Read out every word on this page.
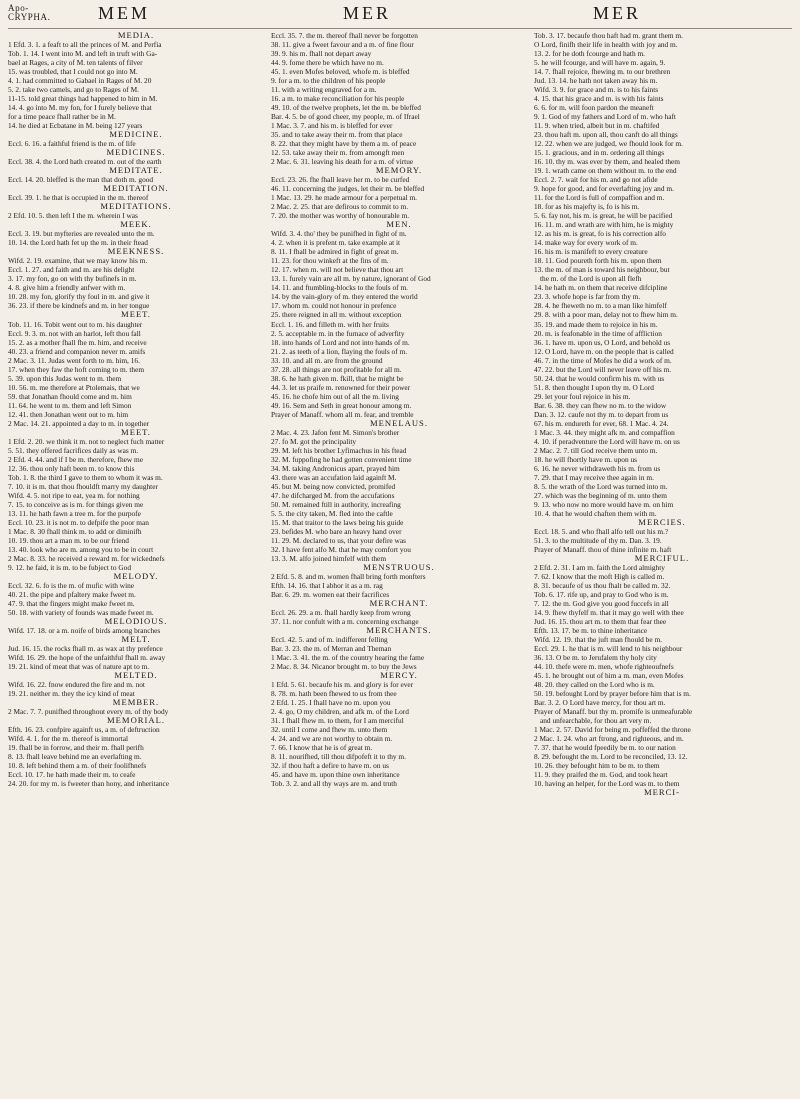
Apo-
CRYPHA.	MEM	MER	MER
MEDIA.
1 Efd. 3. 1. a feaft to all the princes of M. and Perfia
Tob. 1. 14. I went into M. and left in truft with Ga-
bael at Rages, a city of M. ten talents of filver
15. was troubled, that I could not go into M.
4. 1. had committed to Gabael in Rages of M. 20
5. 2. take two camels, and go to Rages of M.
11-15. told great things had happened to him in M.
14. 4. go into M. my fon, for I furely believe that
for a time peace fhall rather be in M.
14. he died at Ecbatane in M. being 127 years
MEDICINE.
Eccl. 6. 16. a faithful friend is the m. of life
MEDICINES.
Eccl. 38. 4. the Lord hath created m. out of the earth
MEDITATE.
Eccl. 14. 20. bleffed is the man that doth m. good
MEDITATION.
Eccl. 39. 1. he that is occupied in the m. thereof
MEDITATIONS.
2 Efd. 10. 5. then left I the m. wherein I was
MEEK.
Eccl. 3. 19. but myfteries are revealed unto the m.
10. 14. the Lord hath fet up the m. in their ftead
MEEKNESS.
Wifd. 2. 19. examine, that we may know his m.
Eccl. 1. 27. and faith and m. are his delight
3. 17. my fon, go on with thy bufinefs in m.
4. 8. give him a friendly anfwer with m.
10. 28. my fon, glorify thy foul in m. and give it
36. 23. if there be kindnefs and m. in her tongue
MEET.
Tob. 11. 16. Tobit went out to m. his daughter
Eccl. 9. 3. m. not with an harlot, left thou fall
15. 2. as a mother fhall fhe m. him, and receive
40. 23. a friend and companion never m. amifs
2 Mac. 3. 11. Judas went forth to m. him, 16.
17. when they faw the hoft coming to m. them
5. 39. upon this Judas went to m. them
10. 56. m. me therefore at Ptolemais, that we
59. that Jonathan fhould come and m. him
11. 64. he went to m. them and left Simon
12. 41. then Jonathan went out to m. him
2 Mac. 14. 21. appointed a day to m. in together
MEET.
1 Efd. 2. 20. we think it m. not to neglect fuch matter
5. 51. they offered facrifices daily as was m.
2 Efd. 4. 44. and if I be m. therefore, fhew me
12. 36. thou only haft been m. to know this
Tob. 1. 8. the third I gave to them to whom it was m.
7. 10. it is m. that thou fhouldft marry my daughter
Wifd. 4. 5. not ripe to eat, yea m. for nothing
7. 15. to conceive as is m. for things given me
13. 11. he hath fawn a tree m. for the purpofe
Eccl. 10. 23. it is not m. to defpife the poor man
1 Mac. 8. 30 fhall think m. to add or diminifh
10. 19. thou art a man m. to be our friend
13. 40. look who are m. among you to be in court
2 Mac. 8. 33. he received a reward m. for wickednefs
9. 12. he faid, it is m. to be fubject to God
MELODY.
Eccl. 32. 6. fo is the m. of mufic with wine
40. 21. the pipe and pfaltery make fweet m.
47. 9. that the fingers might make fweet m.
50. 18. with variety of founds was made fweet m.
MELODIOUS.
Wifd. 17. 18. or a m. noife of birds among branches
MELT.
Jud. 16. 15. the rocks fhall m. as wax at thy prefence
Wifd. 16. 29. the hope of the unfaithful fhall m. away
19. 21. kind of meat that was of nature apt to m.
MELTED.
Wifd. 16. 22. fnow endured the fire and m. not
19. 21. neither m. they the icy kind of meat
MEMBER.
2 Mac. 7. 7. punifhed throughout every m. of thy body
MEMORIAL.
Efth. 16. 23. confpire againft us, a m. of deftruction
Wifd. 4. 1. for the m. thereof is immortal
19. fhall be in forrow, and their m. fhall perifh
8. 13. fhall leave behind me an everlafting m.
10. 8. left behind them a m. of their foolifhnefs
Eccl. 10. 17. he hath made their m. to ceafe
24. 20. for my m. is fweeter than hony, and inheritance
Eccl. 35. 7. the m. thereof fhall never be forgotten
38. 11. give a fweet favour and a m. of fine flour
39. 9. his m. fhall not depart away
44. 9. fome there be which have no m.
45. 1. even Mofes beloved, whofe m. is bleffed
9. for a m. to the children of his people
11. with a writing engraved for a m.
16. a m. to make reconciliation for his people
49. 10. of the twelve prophets, let the m. be bleffed
Bar. 4. 5. be of good cheer, my people, m. of Ifrael
1 Mac. 3. 7. and his m. is bleffed for ever
35. and to take away their m. from that place
8. 22. that they might have by them a m. of peace
12. 53. take away their m. from amongft men
2 Mac. 6. 31. leaving his death for a m. of virtue
MEMORY.
Eccl. 23. 26. fhe fhall leave her m. to be curfed
46. 11. concerning the judges, let their m. be bleffed
1 Mac. 13. 29. he made armour for a perpetual m.
2 Mac. 2. 25. that are defirous to commit to m.
7. 20. the mother was worthy of honourable m.
MEN.
Wifd. 3. 4. tho' they be punifhed in fight of m.
4. 2. when it is prefent m. take example at it
8. 11. I fhall be admired in fight of great m.
11. 23. for thou winkeft at the fins of m.
12. 17. when m. will not believe that thou art
13. 1. furely vain are all m. by nature, ignorant of God
14. 11. and ftumbling-blocks to the fouls of m.
14. by the vain-glory of m. they entered the world
17. whom m. could not honour in prefence
25. there reigned in all m. without exception
Eccl. 1. 16. and filleth m. with her fruits
2. 5. acceptable m. in the furnace of adverfity
18. into hands of Lord and not into hands of m.
21. 2. as teeth of a lion, flaying the fouls of m.
33. 10. and all m. are from the ground
37. 28. all things are not profitable for all m.
38. 6. he hath given m. fkill, that he might be
44. 3. let us praife m. renowned for their power
45. 16. he chofe him out of all the m. living
49. 16. Sem and Seth in great honour among m.
Prayer of Manaff. whom all m. fear, and tremble
MENELAUS.
2 Mac. 4. 23. Jafon fent M. Simon's brother
27. fo M. got the principality
29. M. left his brother Lyfimachus in his ftead
32. M. fuppofing he had gotten convenient time
34. M. taking Andronicus apart, prayed him
43. there was an accufation laid againft M.
45. but M. being now convicted, promifed
47. he difcharged M. from the accufations
50. M. remained ftill in authority, increafing
5. 5. the city taken, M. fled into the caftle
15. M. that traitor to the laws being his guide
23. befides M. who bare an heavy hand over
11. 29. M. declared to us, that your defire was
32. I have fent alfo M. that he may comfort you
13. 3. M. alfo joined himfelf with them
MENSTRUOUS.
2 Efd. 5. 8. and m. women fhall bring forth monfters
Efth. 14. 16. that I abhor it as a m. rag
Bar. 6. 29. m. women eat their facrifices
MERCHANT.
Eccl. 26. 29. a m. fhall hardly keep from wrong
37. 11. nor confult with a m. concerning exchange
MERCHANTS.
Eccl. 42. 5. and of m. indifferent felling
Bar. 3. 23. the m. of Merran and Theman
1 Mac. 3. 41. the m. of the country hearing the fame
2 Mac. 8. 34. Nicanor brought m. to buy the Jews
MERCY.
1 Efd. 5. 61. becaufe his m. and glory is for ever
8. 78. m. hath been fhewed to us from thee
2 Efd. 1. 25. I fhall have no m. upon you
2. 4. go, O my children, and afk m. of the Lord
31. I fhall fhew m. to them, for I am merciful
32. until I come and fhew m. unto them
4. 24. and we are not worthy to obtain m.
7. 66. I know that he is of great m.
8. 11. nourifhed, till thou difpofeft it to thy m.
32. if thou haft a defire to have m. on us
45. and have m. upon thine own inheritance
Tob. 3. 2. and all thy ways are m. and truth
Tob. 3. 17. becaufe thou haft had m. grant them m.
O Lord, finifh their life in health with joy and m.
13. 2. for he doth fcourge and hath m.
5. he will fcourge, and will have m. again, 9.
14. 7. fhall rejoice, fhewing m. to our brethren
Jud. 13. 14. he hath not taken away his m.
Wifd. 3. 9. for grace and m. is to his faints
4. 15. that his grace and m. is with his faints
6. 6. for m. will foon pardon the meaneft
9. 1. God of my fathers and Lord of m. who haft
11. 9. when tried, albeit but in m. chaftifed
23. thou haft m. upon all, thou canft do all things
12. 22. when we are judged, we fhould look for m.
15. 1. gracious, and in m. ordering all things
16. 10. thy m. was ever by them, and healed them
19. 1. wrath came on them without m. to the end
Eccl. 2. 7. wait for his m. and go not afide
9. hope for good, and for everlafting joy and m.
11. for the Lord is full of compaffion and m.
18. for as his majefty is, fo is his m.
5. 6. fay not, his m. is great, he will be pacified
16. 11. m. and wrath are with him, he is mighty
12. as his m. is great, fo is his correction alfo
14. make way for every work of m.
16. his m. is manifeft to every creature
18. 11. God poureth forth his m. upon them
13. the m. of man is toward his neighbour, but
the m. of the Lord is upon all flefh
14. he hath m. on them that receive difcipline
23. 3. whofe hope is far from thy m.
28. 4. he fheweth no m. to a man like himfelf
29. 8. with a poor man, delay not to fhew him m.
35. 19. and made them to rejoice in his m.
20. m. is feafonable in the time of affliction
36. 1. have m. upon us, O Lord, and behold us
12. O Lord, have m. on the people that is called
46. 7. in the time of Mofes he did a work of m.
47. 22. but the Lord will never leave off his m.
50. 24. that he would confirm his m. with us
51. 8. then thought I upon thy m. O Lord
29. let your foul rejoice in his m.
Bar. 6. 38. they can fhew no m. to the widow
Dan. 3. 12. caufe not thy m. to depart from us
67. his m. endureth for ever, 68. 1 Mac. 4. 24.
1 Mac. 3. 44. they might afk m. and compaffion
4. 10. if peradventure the Lord will have m. on us
2 Mac. 2. 7. till God receive them unto m.
18. he will fhortly have m. upon us
6. 16. he never withdraweth his m. from us
7. 29. that I may receive thee again in m.
8. 5. the wrath of the Lord was turned into m.
27. which was the beginning of m. unto them
9. 13. who now no more would have m. on him
10. 4. that he would chaften them with m.
MERCIES.
Eccl. 18. 5. and who fhall alfo tell out his m.?
51. 3. to the multitude of thy m. Dan. 3. 19.
Prayer of Manaff. thou of thine infinite m. haft
MERCIFUL.
2 Efd. 2. 31. I am m. faith the Lord almighty
7. 62. I know that the moft High is called m.
8. 31. becaufe of us thou fhalt be called m. 32.
Tob. 6. 17. rife up, and pray to God who is m.
7. 12. the m. God give you good fuccefs in all
14. 9. fhew thyfelf m. that it may go well with thee
Jud. 16. 15. thou art m. to them that fear thee
Efth. 13. 17. be m. to thine inheritance
Wifd. 12. 19. that the juft man fhould be m.
Eccl. 29. 1. he that is m. will lend to his neighbour
36. 13. O be m. to Jerufalem thy holy city
44. 10. thefe were m. men, whofe righteoufnefs
45. 1. he brought out of him a m. man, even Mofes
48. 20. they called on the Lord who is m.
50. 19. befought Lord by prayer before him that is m.
Bar. 3. 2. O Lord have mercy, for thou art m.
Prayer of Manaff. but thy m. promife is unmeafurable
and unfearchable, for thou art very m.
1 Mac. 2. 57. David for being m. poffeffed the throne
2 Mac. 1. 24. who art ftrong, and righteous, and m.
7. 37. that he would fpeedily be m. to our nation
8. 29. befought the m. Lord to be reconciled, 13. 12.
10. 26. they befought him to be m. to them
11. 9. they praifed the m. God, and took heart
10. having an helper, for the Lord was m. to them
MERCI-
